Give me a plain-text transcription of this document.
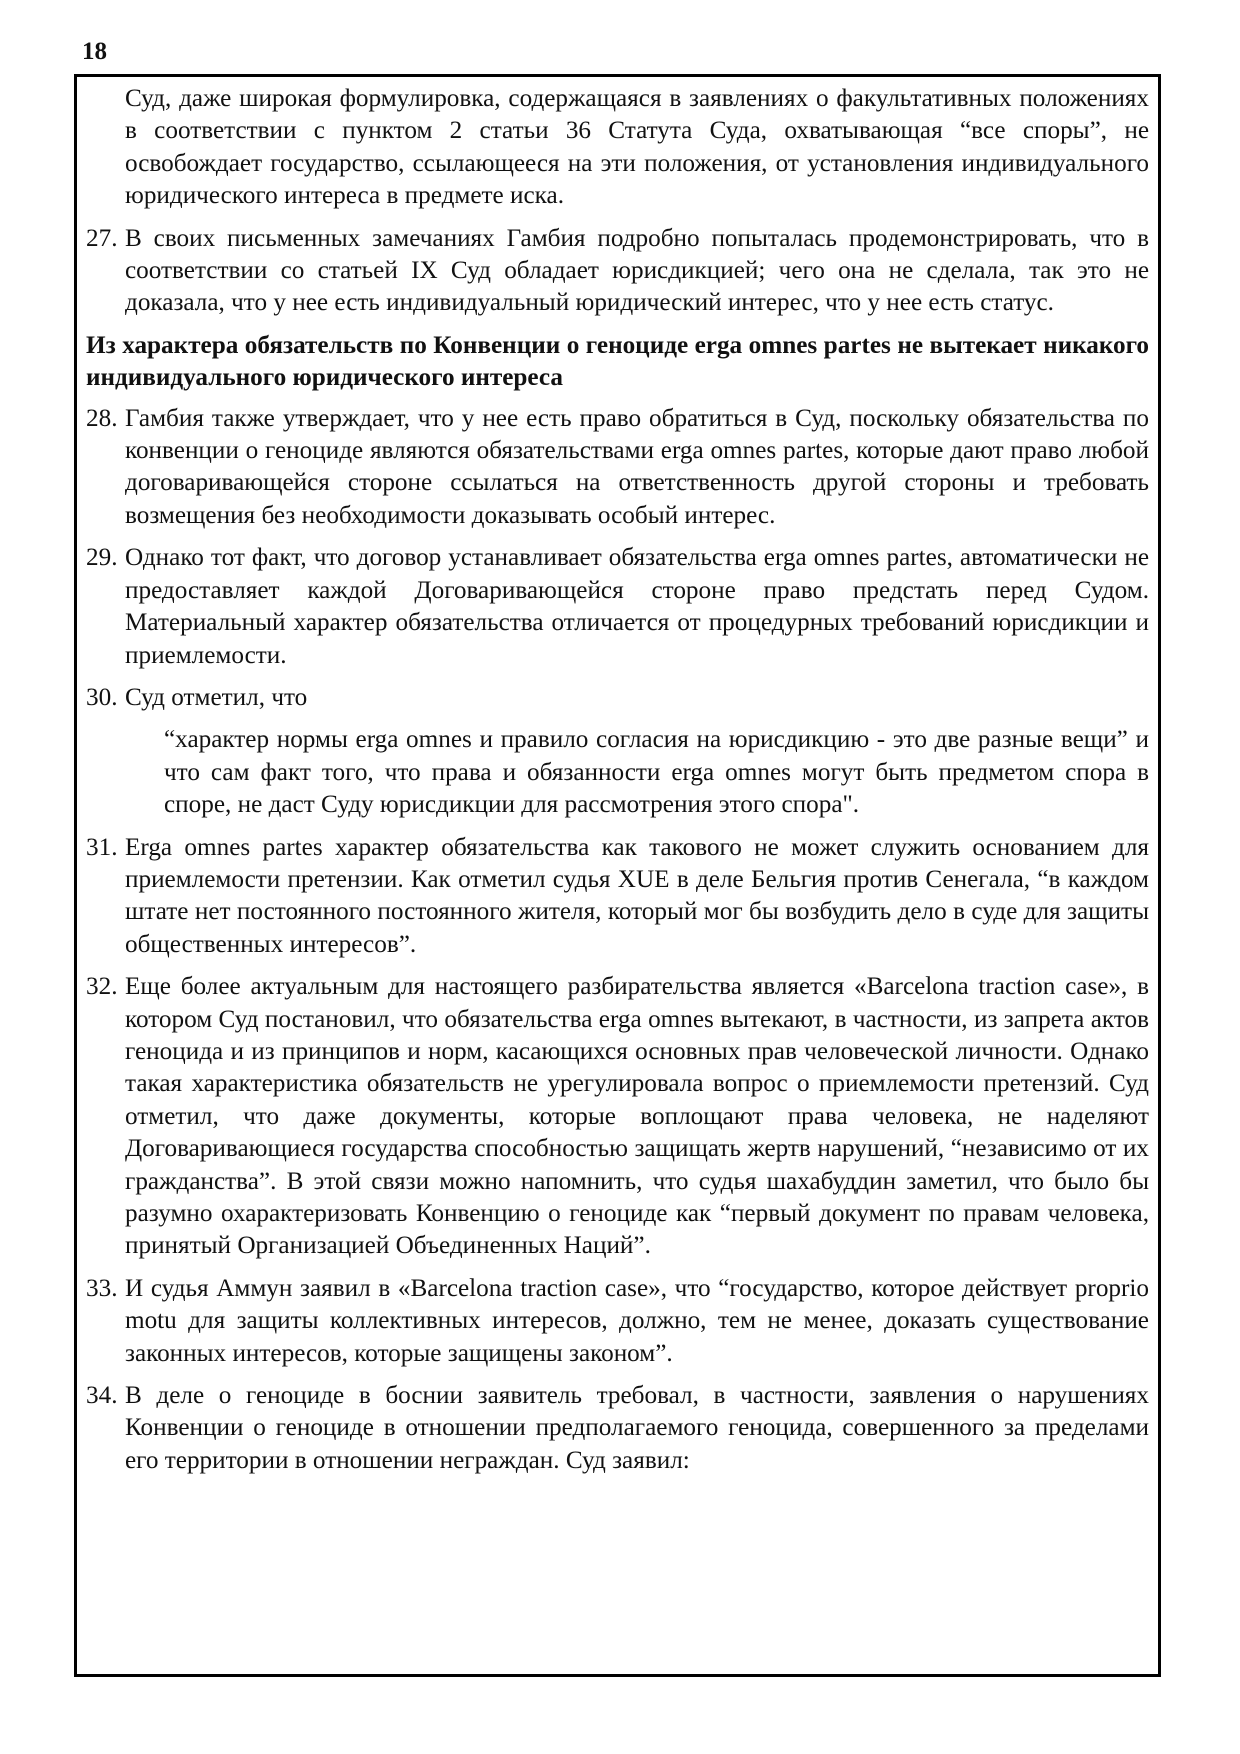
18
Суд, даже широкая формулировка, содержащаяся в заявлениях о факультативных положениях в соответствии с пунктом 2 статьи 36 Статута Суда, охватывающая “все споры”, не освобождает государство, ссылающееся на эти положения, от установления индивидуального юридического интереса в предмете иска.
27. В своих письменных замечаниях Гамбия подробно попыталась продемонстрировать, что в соответствии со статьей IX Суд обладает юрисдикцией; чего она не сделала, так это не доказала, что у нее есть индивидуальный юридический интерес, что у нее есть статус.
Из характера обязательств по Конвенции о геноциде erga omnes partes не вытекает никакого индивидуального юридического интереса
28. Гамбия также утверждает, что у нее есть право обратиться в Суд, поскольку обязательства по конвенции о геноциде являются обязательствами erga omnes partes, которые дают право любой договаривающейся стороне ссылаться на ответственность другой стороны и требовать возмещения без необходимости доказывать особый интерес.
29. Однако тот факт, что договор устанавливает обязательства erga omnes partes, автоматически не предоставляет каждой Договаривающейся стороне право предстать перед Судом. Материальный характер обязательства отличается от процедурных требований юрисдикции и приемлемости.
30. Суд отметил, что
“характер нормы erga omnes и правило согласия на юрисдикцию - это две разные вещи” и что сам факт того, что права и обязанности erga omnes могут быть предметом спора в споре, не даст Суду юрисдикции для рассмотрения этого спора".
31. Erga omnes partes характер обязательства как такового не может служить основанием для приемлемости претензии. Как отметил судья XUE в деле Бельгия против Сенегала, “в каждом штате нет постоянного постоянного жителя, который мог бы возбудить дело в суде для защиты общественных интересов”.
32. Еще более актуальным для настоящего разбирательства является «Barcelona traction case», в котором Суд постановил, что обязательства erga omnes вытекают, в частности, из запрета актов геноцида и из принципов и норм, касающихся основных прав человеческой личности. Однако такая характеристика обязательств не урегулировала вопрос о приемлемости претензий. Суд отметил, что даже документы, которые воплощают права человека, не наделяют Договаривающиеся государства способностью защищать жертв нарушений, “независимо от их гражданства”. В этой связи можно напомнить, что судья шахабуддин заметил, что было бы разумно охарактеризовать Конвенцию о геноциде как “первый документ по правам человека, принятый Организацией Объединенных Наций”.
33. И судья Аммун заявил в «Barcelona traction case», что “государство, которое действует proprio motu для защиты коллективных интересов, должно, тем не менее, доказать существование законных интересов, которые защищены законом”.
34. В деле о геноциде в боснии заявитель требовал, в частности, заявления о нарушениях Конвенции о геноциде в отношении предполагаемого геноцида, совершенного за пределами его территории в отношении неграждан. Суд заявил:
